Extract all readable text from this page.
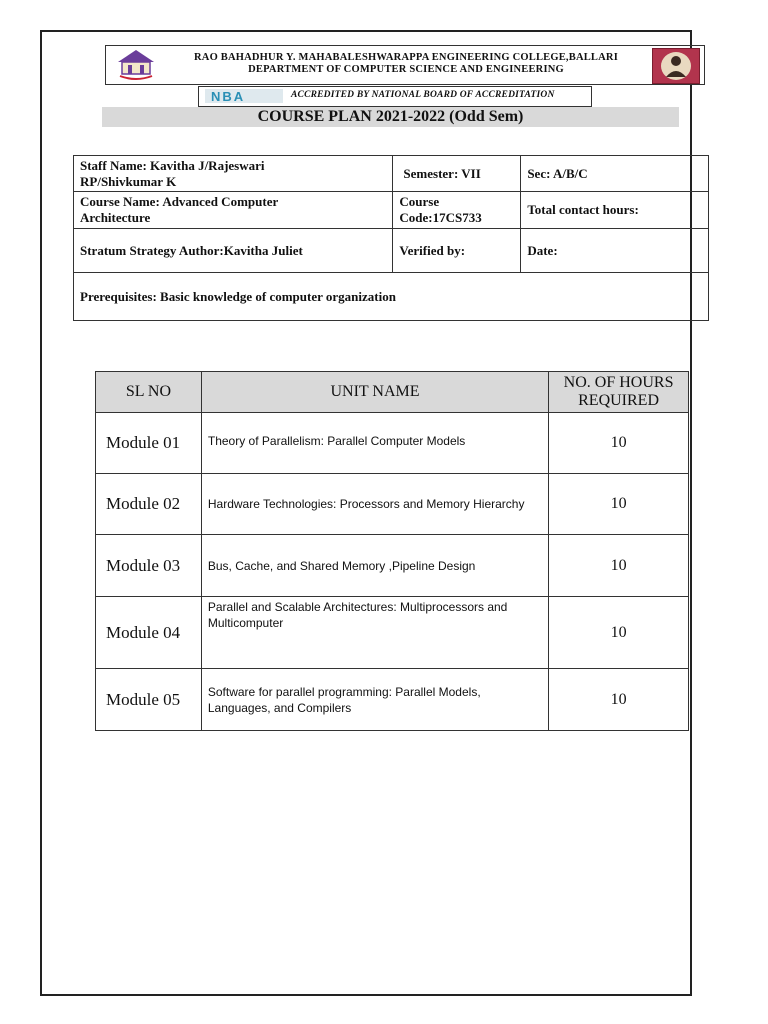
RAO BAHADHUR Y. MAHABALESHWARAPPA ENGINEERING COLLEGE,BALLARI
DEPARTMENT OF COMPUTER SCIENCE AND ENGINEERING
NBA	ACCREDITED BY NATIONAL BOARD OF ACCREDITATION
COURSE PLAN 2021-2022 (Odd Sem)
Staff Name: Kavitha J/Rajeswari
RP/Shivkumar K	Semester: VII	Sec: A/B/C
Course Name: Advanced Computer
Architecture	Course
Code:17CS733	Total contact hours:
Stratum Strategy Author:Kavitha Juliet	Verified by:	Date:
Prerequisites: Basic knowledge of computer organization		
SL NO	UNIT NAME	NO. OF HOURS
REQUIRED
Module 01	Theory of Parallelism: Parallel Computer Models	10
Module 02	Hardware Technologies: Processors and Memory Hierarchy	10
Module 03	Bus, Cache, and Shared Memory ,Pipeline Design	10
Module 04	Parallel and Scalable Architectures: Multiprocessors and Multicomputer	10
Module 05	Software for parallel programming: Parallel Models, Languages, and Compilers	10
